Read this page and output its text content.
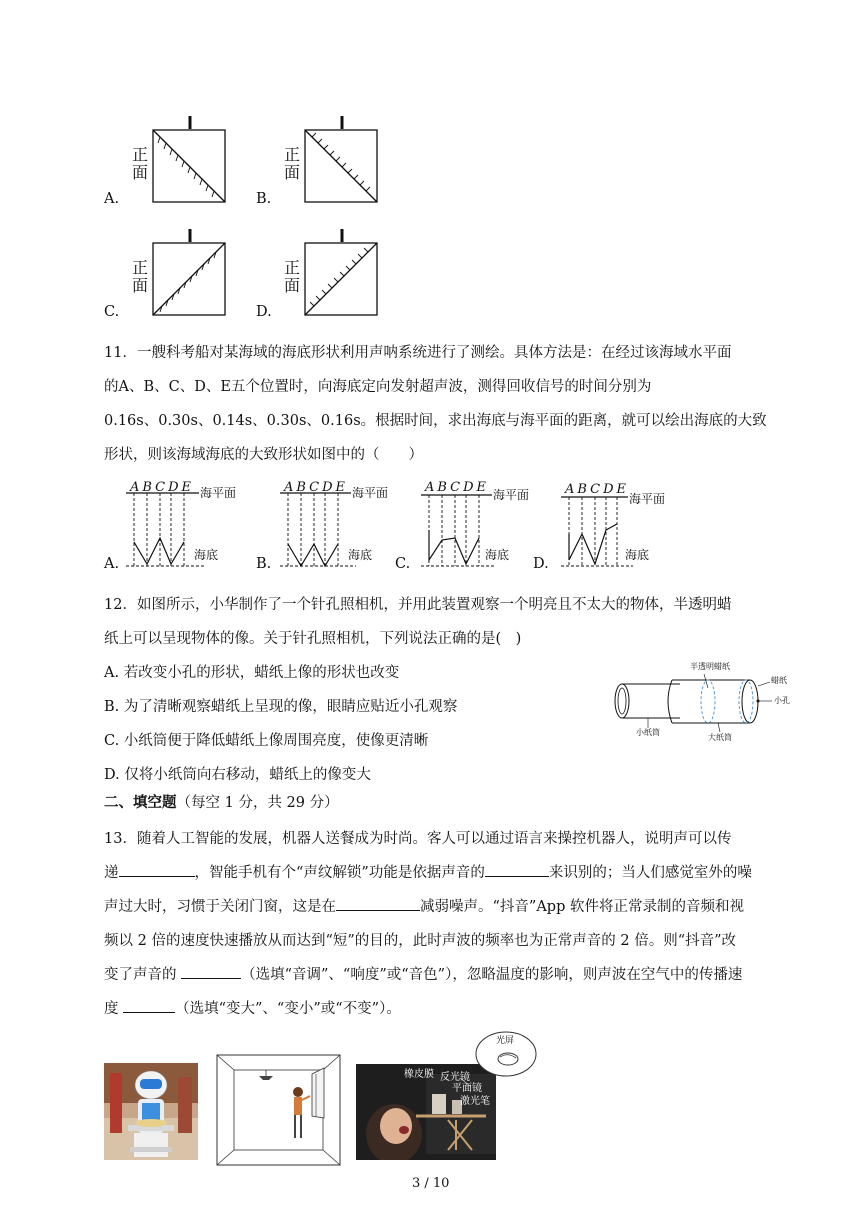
A.
正
面
B.
正
面
C.
正
面
D.
正
面
11．一艘科考船对某海域的海底形状利用声呐系统进行了测绘。具体方法是：在经过该海域水平面
的A、B、C、D、E五个位置时，向海底定向发射超声波，测得回收信号的时间分别为
0.16s、0.30s、0.14s、0.30s、0.16s。根据时间，求出海底与海平面的距离，就可以绘出海底的大致
形状，则该海域海底的大致形状如图中的（　　）
A.
ABCDE 海平面
海底
B.
ABCDE 海平面
海底
C.
ABCDE 海平面
海底
D.
ABCDE
海平面
海底
12．如图所示，小华制作了一个针孔照相机，并用此装置观察一个明亮且不太大的物体，半透明蜡
纸上可以呈现物体的像。关于针孔照相机，下列说法正确的是(　)
A. 若改变小孔的形状，蜡纸上像的形状也改变
B. 为了清晰观察蜡纸上呈现的像，眼睛应贴近小孔观察
C. 小纸筒便于降低蜡纸上像周围亮度，使像更清晰
D. 仅将小纸筒向右移动，蜡纸上的像变大
半透明蜡纸
蜡纸
小孔
小纸筒
大纸筒
二、填空题（每空 1 分，共 29 分）
13．随着人工智能的发展，机器人送餐成为时尚。客人可以通过语言来操控机器人，说明声可以传
递	，智能手机有个“声纹解锁”功能是依据声音的	来识别的；当人们感觉室外的噪
声过大时，习惯于关闭门窗，这是在	减弱噪声。“抖音”App 软件将正常录制的音频和视
频以 2 倍的速度快速播放从而达到“短”的目的，此时声波的频率也为正常声音的 2 倍。则“抖音”改
变了声音的	（选填“音调”、“响度”或“音色”），忽略温度的影响，则声波在空气中的传播速
度	（选填“变大”、“变小”或“不变”）。
橡皮膜 反光镜
平面镜
激光笔
光屏
3 / 10
